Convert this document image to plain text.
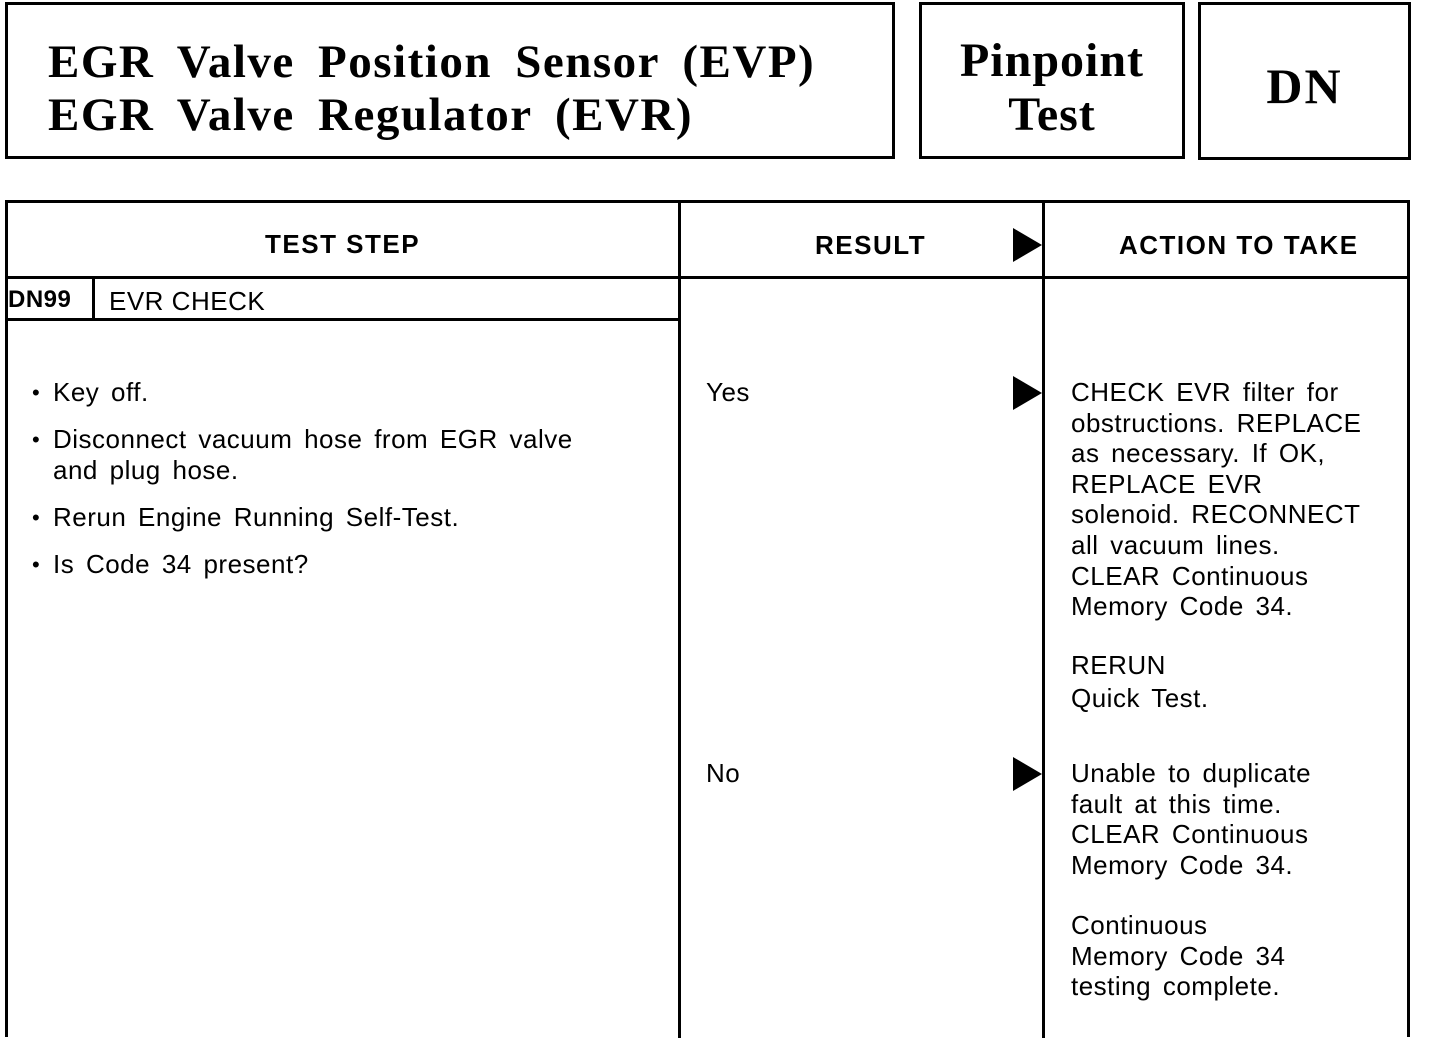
EGR Valve Position Sensor (EVP)
EGR Valve Regulator (EVR)
Pinpoint
Test
DN
TEST STEP	RESULT	ACTION TO TAKE
DN99 EVR CHECK
• Key off.
• Disconnect vacuum hose from EGR valve
and plug hose.
• Rerun Engine Running Self-Test.
• Is Code 34 present?
Yes	CHECK EVR filter for
obstructions. REPLACE
as necessary. If OK,
REPLACE EVR
solenoid. RECONNECT
all vacuum lines.
CLEAR Continuous
Memory Code 34.
RERUN
Quick Test.
No	Unable to duplicate
fault at this time.
CLEAR Continuous
Memory Code 34.
Continuous
Memory Code 34
testing complete.
